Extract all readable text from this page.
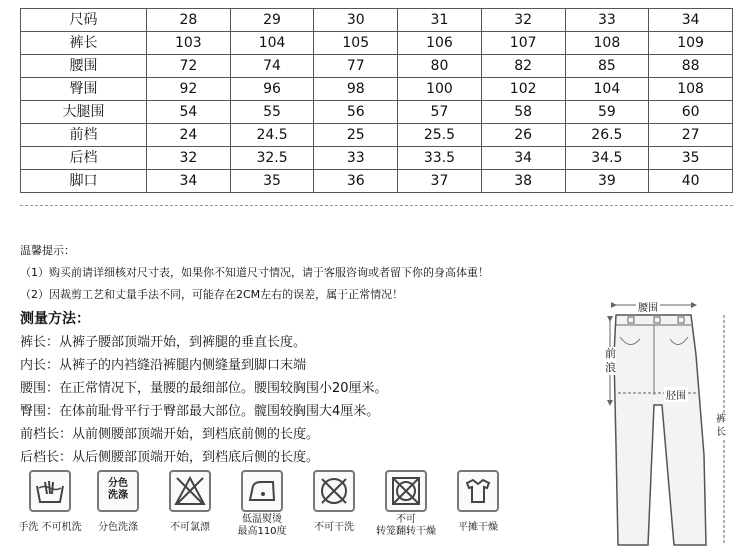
尺码	28	29	30	31	32	33	34
裤长	103	104	105	106	107	108	109
腰围	72	74	77	80	82	85	88
臀围	92	96	98	100	102	104	108
大腿围	54	55	56	57	58	59	60
前档	24	24.5	25	25.5	26	26.5	27
后档	32	32.5	33	33.5	34	34.5	35
脚口	34	35	36	37	38	39	40
温馨提示：
（1）购买前请详细核对尺寸表，如果你不知道尺寸情况，请于客服咨询或者留下你的身高体重！
（2）因裁剪工艺和丈量手法不同，可能存在2CM左右的误差，属于正常情况！
测量方法：
裤长：从裤子腰部顶端开始，到裤腿的垂直长度。
内长：从裤子的内裆缝沿裤腿内侧缝量到脚口末端
腰围：在正常情况下，量腰的最细部位。腰围较胸围小20厘米。
臀围：在体前耻骨平行于臀部最大部位。髋围较胸围大4厘米。
前档长：从前侧腰部顶端开始，到档底前侧的长度。
后档长：从后侧腰部顶端开始，到档底后侧的长度。
手洗 不可机洗
分色
洗涤
分色洗涤	不可氯漂
低温熨烫
最高110度	不可干洗
不可
转笼翻转干燥	平摊干燥
腰围
前
浪
胫围
裤
长
